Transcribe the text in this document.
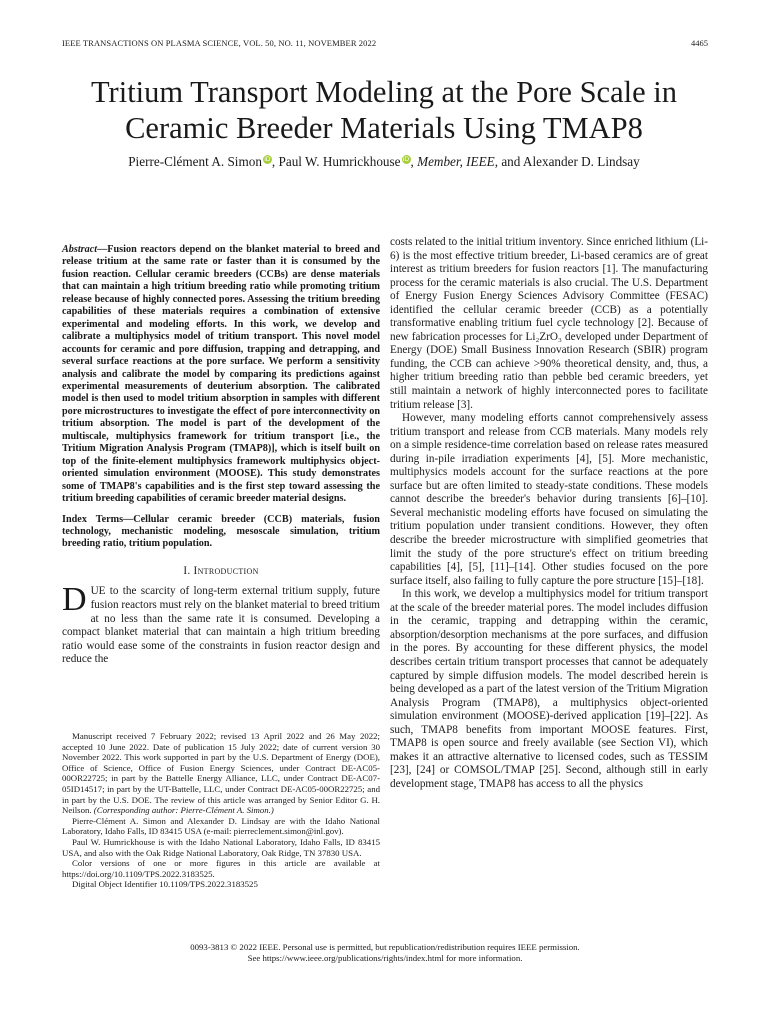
IEEE TRANSACTIONS ON PLASMA SCIENCE, VOL. 50, NO. 11, NOVEMBER 2022	4465
Tritium Transport Modeling at the Pore Scale in
Ceramic Breeder Materials Using TMAP8
Pierre-Clément A. Simon iD, Paul W. Humrickhouse iD, Member, IEEE, and Alexander D. Lindsay

Abstract—Fusion reactors depend on the blanket material to breed and release tritium at the same rate or faster than it is consumed by the fusion reaction. Cellular ceramic breeders (CCBs) are dense materials that can maintain a high tritium breeding ratio while promoting tritium release because of highly connected pores. Assessing the tritium breeding capabilities of these materials requires a combination of extensive experimental and modeling efforts. In this work, we develop and calibrate a multiphysics model of tritium transport. This novel model accounts for ceramic and pore diffusion, trapping and detrapping, and several surface reactions at the pore surface. We perform a sensitivity analysis and calibrate the model by comparing its predictions against experimental measurements of deuterium absorption. The calibrated model is then used to model tritium absorption in samples with different pore microstructures to investigate the effect of pore interconnectivity on tritium absorption. The model is part of the development of the multiscale, multiphysics framework for tritium transport [i.e., the Tritium Migration Analysis Program (TMAP8)], which is itself built on top of the finite-element multiphysics framework multiphysics object-oriented simulation environment (MOOSE). This study demonstrates some of TMAP8's capabilities and is the first step toward assessing the tritium breeding capabilities of ceramic breeder material designs.

Index Terms—Cellular ceramic breeder (CCB) materials, fusion technology, mechanistic modeling, mesoscale simulation, tritium breeding ratio, tritium population.

I. Introduction

DUE to the scarcity of long-term external tritium supply, future fusion reactors must rely on the blanket material to breed tritium at no less than the same rate it is consumed. Developing a compact blanket material that can maintain a high tritium breeding ratio would ease some of the constraints in fusion reactor design and reduce the

Manuscript received 7 February 2022; revised 13 April 2022 and 26 May 2022; accepted 10 June 2022. Date of publication 15 July 2022; date of current version 30 November 2022. This work supported in part by the U.S. Department of Energy (DOE), Office of Science, Office of Fusion Energy Sciences, under Contract DE-AC05-00OR22725; in part by the Battelle Energy Alliance, LLC, under Contract DE-AC07-05ID14517; in part by the UT-Battelle, LLC, under Contract DE-AC05-00OR22725; and in part by the U.S. DOE. The review of this article was arranged by Senior Editor G. H. Neilson. (Corresponding author: Pierre-Clément A. Simon.)

Pierre-Clément A. Simon and Alexander D. Lindsay are with the Idaho National Laboratory, Idaho Falls, ID 83415 USA (e-mail: pierreclement.simon@inl.gov).

Paul W. Humrickhouse is with the Idaho National Laboratory, Idaho Falls, ID 83415 USA, and also with the Oak Ridge National Laboratory, Oak Ridge, TN 37830 USA.

Color versions of one or more figures in this article are available at https://doi.org/10.1109/TPS.2022.3183525.

Digital Object Identifier 10.1109/TPS.2022.3183525

costs related to the initial tritium inventory. Since enriched lithium (Li-6) is the most effective tritium breeder, Li-based ceramics are of great interest as tritium breeders for fusion reactors [1]. The manufacturing process for the ceramic materials is also crucial. The U.S. Department of Energy Fusion Energy Sciences Advisory Committee (FESAC) identified the cellular ceramic breeder (CCB) as a potentially transformative enabling tritium fuel cycle technology [2]. Because of new fabrication processes for Li₂ZrO₃ developed under Department of Energy (DOE) Small Business Innovation Research (SBIR) program funding, the CCB can achieve >90% theoretical density, and, thus, a higher tritium breeding ratio than pebble bed ceramic breeders, yet still maintain a network of highly interconnected pores to facilitate tritium release [3].

However, many modeling efforts cannot comprehensively assess tritium transport and release from CCB materials. Many models rely on a simple residence-time correlation based on release rates measured during in-pile irradiation experiments [4], [5]. More mechanistic, multiphysics models account for the surface reactions at the pore surface but are often limited to steady-state conditions. These models cannot describe the breeder's behavior during transients [6]–[10]. Several mechanistic modeling efforts have focused on simulating the tritium population under transient conditions. However, they often describe the breeder microstructure with simplified geometries that limit the study of the pore structure's effect on tritium breeding capabilities [4], [5], [11]–[14]. Other studies focused on the pore surface itself, also failing to fully capture the pore structure [15]–[18].

In this work, we develop a multiphysics model for tritium transport at the scale of the breeder material pores. The model includes diffusion in the ceramic, trapping and detrapping within the ceramic, absorption/desorption mechanisms at the pore surfaces, and diffusion in the pores. By accounting for these different physics, the model describes certain tritium transport processes that cannot be adequately captured by simple diffusion models. The model described herein is being developed as a part of the latest version of the Tritium Migration Analysis Program (TMAP8), a multiphysics object-oriented simulation environment (MOOSE)-derived application [19]–[22]. As such, TMAP8 benefits from important MOOSE features. First, TMAP8 is open source and freely available (see Section VI), which makes it an attractive alternative to licensed codes, such as TESSIM [23], [24] or COMSOL/TMAP [25]. Second, although still in early development stage, TMAP8 has access to all the physics

0093-3813 © 2022 IEEE. Personal use is permitted, but republication/redistribution requires IEEE permission.
See https://www.ieee.org/publications/rights/index.html for more information.
